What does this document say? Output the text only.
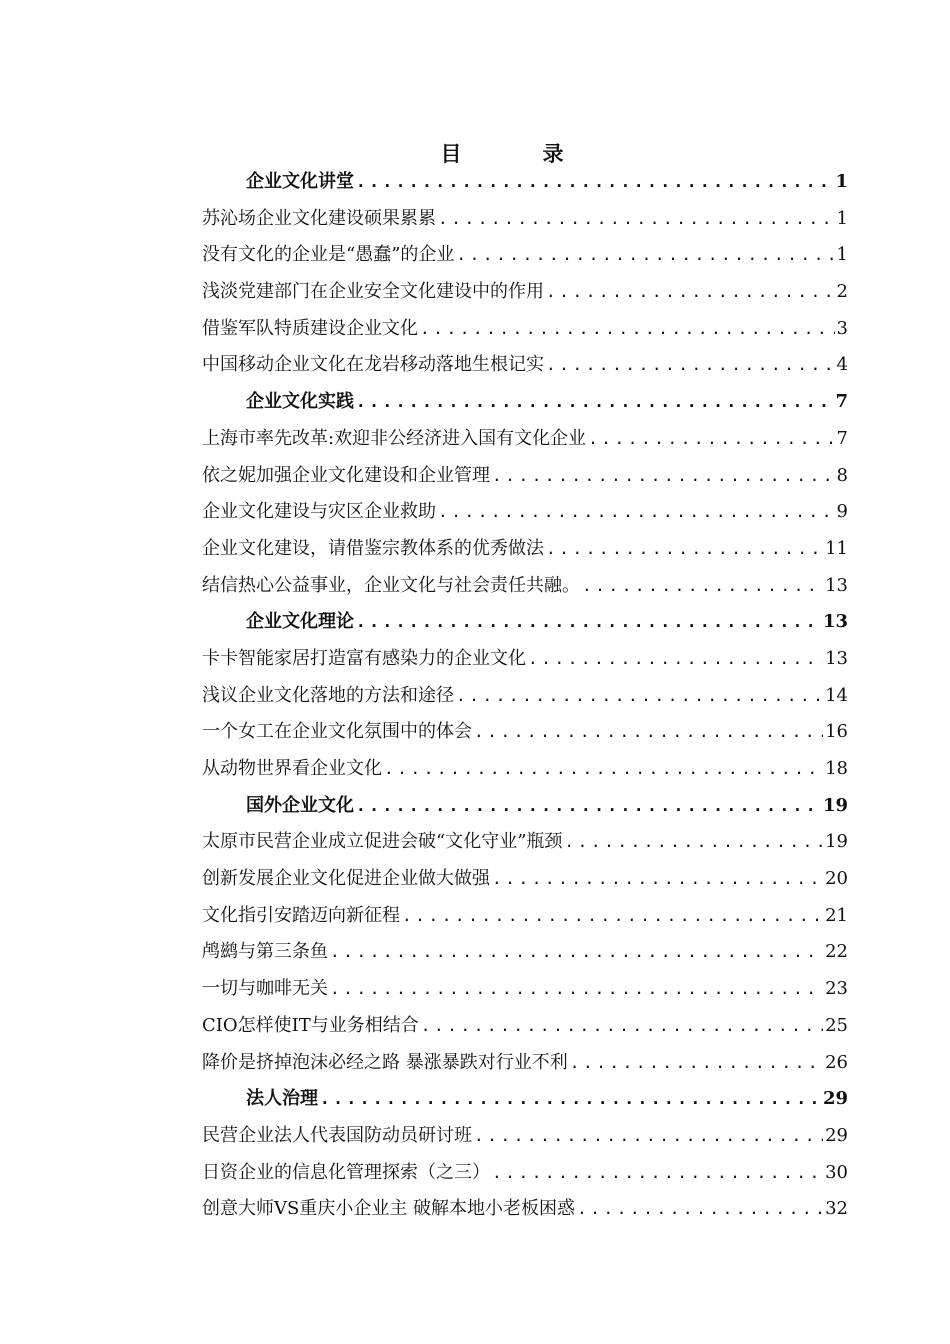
目　录
企业文化讲堂 .....	1
苏沁场企业文化建设硕果累累 .....	1
没有文化的企业是“愚蠢”的企业 .....	1
浅淡党建部门在企业安全文化建设中的作用 .....	2
借鉴军队特质建设企业文化 .....	3
中国移动企业文化在龙岩移动落地生根记实 .....	4
企业文化实践 .....	7
上海市率先改革:欢迎非公经济进入国有文化企业 .....	7
依之妮加强企业文化建设和企业管理 .....	8
企业文化建设与灾区企业救助 .....	9
企业文化建设，请借鉴宗教体系的优秀做法 .....	11
结信热心公益事业，企业文化与社会责任共融。 .....	13
企业文化理论 .....	13
卡卡智能家居打造富有感染力的企业文化 .....	13
浅议企业文化落地的方法和途径 .....	14
一个女工在企业文化氛围中的体会 .....	16
从动物世界看企业文化 .....	18
国外企业文化 .....	19
太原市民营企业成立促进会破“文化守业”瓶颈 .....	19
创新发展企业文化促进企业做大做强 .....	20
文化指引安踏迈向新征程 .....	21
鸬鹚与第三条鱼 .....	22
一切与咖啡无关 .....	23
CIO怎样使IT与业务相结合 .....	25
降价是挤掉泡沫必经之路 暴涨暴跌对行业不利 .....	26
法人治理 .....	29
民营企业法人代表国防动员研讨班 .....	29
日资企业的信息化管理探索（之三） .....	30
创意大师VS重庆小企业主 破解本地小老板困惑 .....	32
